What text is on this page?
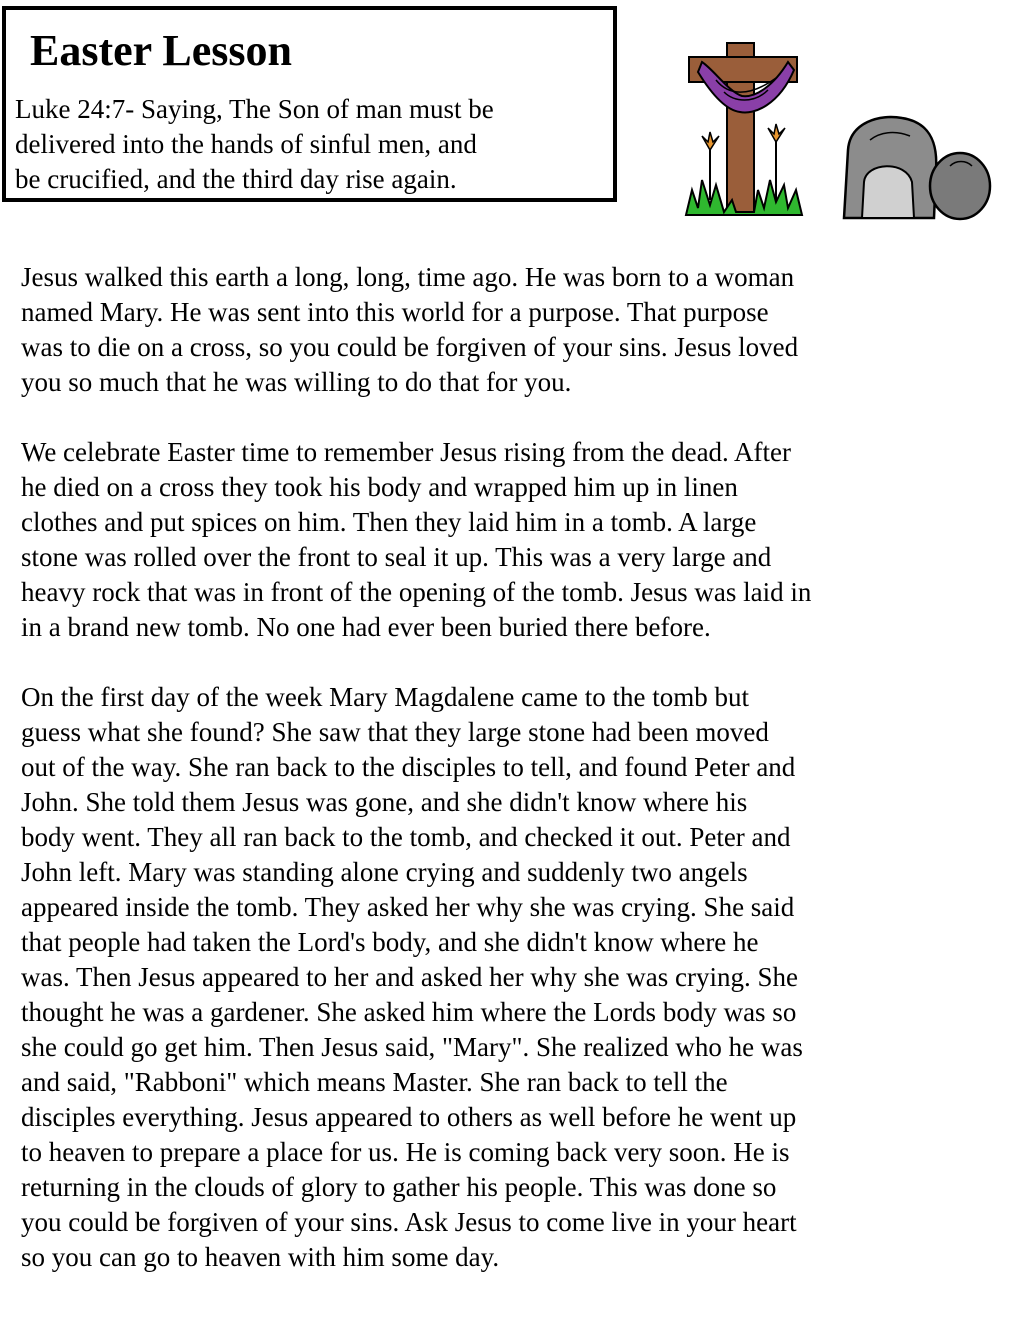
Easter Lesson

Luke 24:7- Saying, The Son of man must be
delivered into the hands of sinful men, and
be crucified, and the third day rise again.

Jesus walked this earth a long, long, time ago. He was born to a woman
named Mary. He was sent into this world for a purpose. That purpose
was to die on a cross, so you could be forgiven of your sins. Jesus loved
you so much that he was willing to do that for you.

We celebrate Easter time to remember Jesus rising from the dead. After
he died on a cross they took his body and wrapped him up in linen
clothes and put spices on him. Then they laid him in a tomb. A large
stone was rolled over the front to seal it up. This was a very large and
heavy rock that was in front of the opening of the tomb. Jesus was laid in
in a brand new tomb. No one had ever been buried there before.

On the first day of the week Mary Magdalene came to the tomb but
guess what she found? She saw that they large stone had been moved
out of the way. She ran back to the disciples to tell, and found Peter and
John. She told them Jesus was gone, and she didn't know where his
body went. They all ran back to the tomb, and checked it out. Peter and
John left. Mary was standing alone crying and suddenly two angels
appeared inside the tomb. They asked her why she was crying. She said
that people had taken the Lord's body, and she didn't know where he
was. Then Jesus appeared to her and asked her why she was crying. She
thought he was a gardener. She asked him where the Lords body was so
she could go get him. Then Jesus said, "Mary". She realized who he was
and said, "Rabboni" which means Master. She ran back to tell the
disciples everything. Jesus appeared to others as well before he went up
to heaven to prepare a place for us. He is coming back very soon. He is
returning in the clouds of glory to gather his people. This was done so
you could be forgiven of your sins. Ask Jesus to come live in your heart
so you can go to heaven with him some day.
